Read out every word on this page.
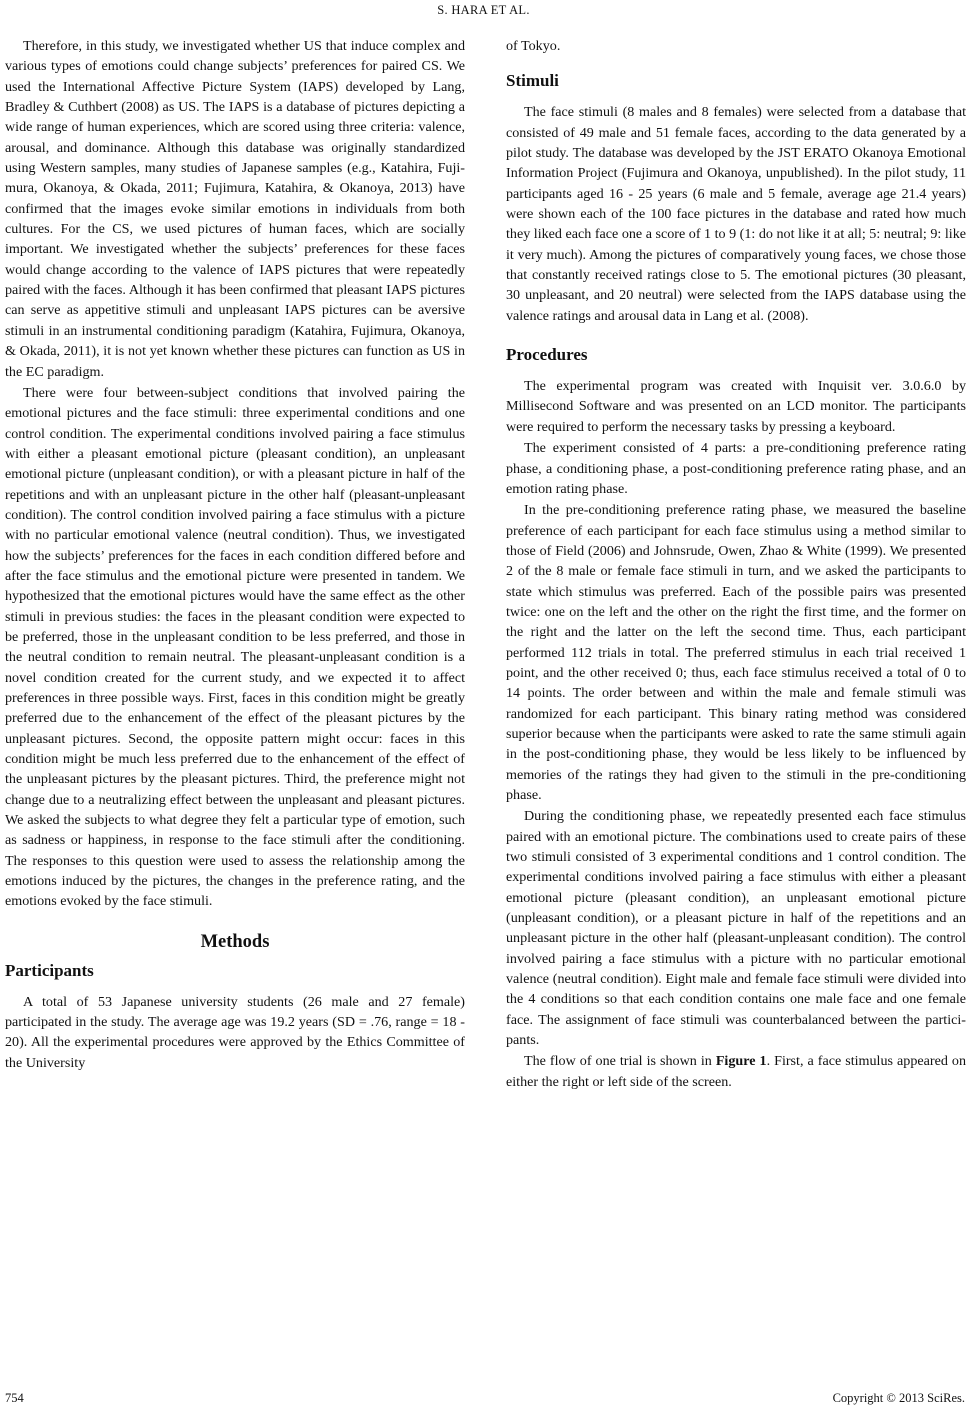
S. HARA ET AL.

Therefore, in this study, we investigated whether US that induce complex and various types of emotions could change subjects’ preferences for paired CS. We used the International Affective Picture System (IAPS) developed by Lang, Bradley & Cuthbert (2008) as US. The IAPS is a database of pictures depicting a wide range of human experiences, which are scored using three criteria: valence, arousal, and dominance. Although this database was originally standardized using Western samples, many studies of Japanese samples (e.g., Katahira, Fujimura, Okanoya, & Okada, 2011; Fujimura, Katahira, & Okanoya, 2013) have confirmed that the images evoke similar emotions in individuals from both cultures. For the CS, we used pictures of human faces, which are socially important. We investigated whether the subjects’ preferences for these faces would change according to the valence of IAPS pictures that were repeatedly paired with the faces. Although it has been confirmed that pleasant IAPS pictures can serve as appetitive stimuli and unpleasant IAPS pictures can be aversive stimuli in an instrumental conditioning paradigm (Katahira, Fujimura, Okanoya, & Okada, 2011), it is not yet known whether these pictures can function as US in the EC paradigm.

There were four between-subject conditions that involved pairing the emotional pictures and the face stimuli: three experimental conditions and one control condition. The experimental conditions involved pairing a face stimulus with either a pleasant emotional picture (pleasant condition), an unpleasant emotional picture (unpleasant condition), or with a pleasant picture in half of the repetitions and with an unpleasant picture in the other half (pleasant-unpleasant condition). The control condition involved pairing a face stimulus with a picture with no particular emotional valence (neutral condition). Thus, we investigated how the subjects’ preferences for the faces in each condition differed before and after the face stimulus and the emotional picture were presented in tandem. We hypothesized that the emotional pictures would have the same effect as the other stimuli in previous studies: the faces in the pleasant condition were expected to be preferred, those in the unpleasant condition to be less preferred, and those in the neutral condition to remain neutral. The pleasant-unpleasant condition is a novel condition created for the current study, and we expected it to affect preferences in three possible ways. First, faces in this condition might be greatly preferred due to the enhancement of the effect of the pleasant pictures by the unpleasant pictures. Second, the opposite pattern might occur: faces in this condition might be much less preferred due to the enhancement of the effect of the unpleasant pictures by the pleasant pictures. Third, the preference might not change due to a neutralizing effect between the unpleasant and pleasant pictures. We asked the subjects to what degree they felt a particular type of emotion, such as sadness or happiness, in response to the face stimuli after the conditioning. The responses to this question were used to assess the relationship among the emotions induced by the pictures, the changes in the preference rating, and the emotions evoked by the face stimuli.

Methods
Participants

A total of 53 Japanese university students (26 male and 27 female) participated in the study. The average age was 19.2 years (SD = .76, range = 18 - 20). All the experimental procedures were approved by the Ethics Committee of the University

of Tokyo.

Stimuli

The face stimuli (8 males and 8 females) were selected from a database that consisted of 49 male and 51 female faces, according to the data generated by a pilot study. The database was developed by the JST ERATO Okanoya Emotional Information Project (Fujimura and Okanoya, unpublished). In the pilot study, 11 participants aged 16 - 25 years (6 male and 5 female, average age 21.4 years) were shown each of the 100 face pictures in the database and rated how much they liked each face one a score of 1 to 9 (1: do not like it at all; 5: neutral; 9: like it very much). Among the pictures of comparatively young faces, we chose those that constantly received ratings close to 5. The emotional pictures (30 pleasant, 30 unpleasant, and 20 neutral) were selected from the IAPS database using the valence ratings and arousal data in Lang et al. (2008).

Procedures

The experimental program was created with Inquisit ver. 3.0.6.0 by Millisecond Software and was presented on an LCD monitor. The participants were required to perform the necessary tasks by pressing a keyboard.

The experiment consisted of 4 parts: a pre-conditioning preference rating phase, a conditioning phase, a post-conditioning preference rating phase, and an emotion rating phase.

In the pre-conditioning preference rating phase, we measured the baseline preference of each participant for each face stimulus using a method similar to those of Field (2006) and Johnsrude, Owen, Zhao & White (1999). We presented 2 of the 8 male or female face stimuli in turn, and we asked the participants to state which stimulus was preferred. Each of the possible pairs was presented twice: one on the left and the other on the right the first time, and the former on the right and the latter on the left the second time. Thus, each participant performed 112 trials in total. The preferred stimulus in each trial received 1 point, and the other received 0; thus, each face stimulus received a total of 0 to 14 points. The order between and within the male and female stimuli was randomized for each participant. This binary rating method was considered superior because when the participants were asked to rate the same stimuli again in the post-conditioning phase, they would be less likely to be influenced by memories of the ratings they had given to the stimuli in the pre-conditioning phase.

During the conditioning phase, we repeatedly presented each face stimulus paired with an emotional picture. The combinations used to create pairs of these two stimuli consisted of 3 experimental conditions and 1 control condition. The experimental conditions involved pairing a face stimulus with either a pleasant emotional picture (pleasant condition), an unpleasant emotional picture (unpleasant condition), or a pleasant picture in half of the repetitions and an unpleasant picture in the other half (pleasant-unpleasant condition). The control involved pairing a face stimulus with a picture with no particular emotional valence (neutral condition). Eight male and female face stimuli were divided into the 4 conditions so that each condition contains one male face and one female face. The assignment of face stimuli was counterbalanced between the participants.

The flow of one trial is shown in Figure 1. First, a face stimulus appeared on either the right or left side of the screen.

754	Copyright © 2013 SciRes.
